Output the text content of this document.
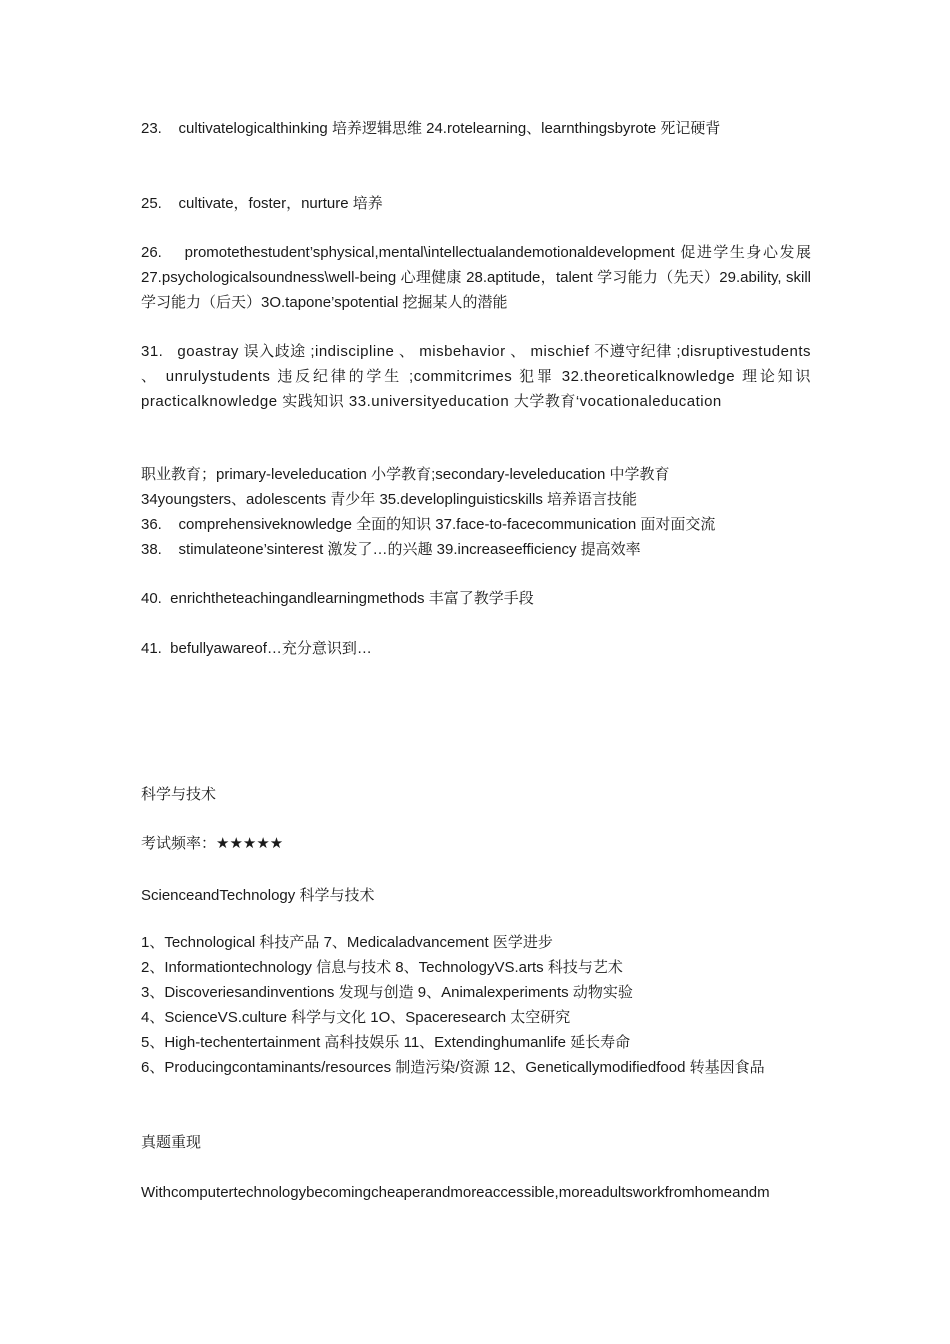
23.    cultivatelogicalthinking 培养逻辑思维 24.rotelearning、learnthingsbyrote 死记硬背

25.    cultivate，foster，nurture 培养

26.    promotethestudent’sphysical,mental\intellectualandemotionaldevelopment 促进学生身心发展 27.psychologicalsoundness\well-being 心理健康 28.aptitude，talent 学习能力（先天）29.ability, skill 学习能力（后天）3O.tapone’spotential 挖掘某人的潜能

31.   goastray 误入歧途 ;indiscipline 、 misbehavior 、 mischief 不遵守纪律 ;disruptivestudents 、 unrulystudents 违反纪律的学生 ;commitcrimes 犯罪 32.theoreticalknowledge 理论知识 practicalknowledge 实践知识 33.universityeducation 大学教育‘vocationaleducation

职业教育；primary-leveleducation 小学教育;secondary-leveleducation 中学教育

34youngsters、adolescents 青少年 35.developlinguisticskills 培养语言技能

36.    comprehensiveknowledge 全面的知识 37.face-to-facecommunication 面对面交流

38.    stimulateone’sinterest 激发了…的兴趣 39.increaseefficiency 提高效率

40.  enrichtheteachingandlearningmethods 丰富了教学手段

41.  befullyawareof…充分意识到…

科学与技术

考试频率：★★★★★

ScienceandTechnology 科学与技术

1、Technological 科技产品 7、Medicaladvancement 医学进步

2、Informationtechnology 信息与技术 8、TechnologyVS.arts 科技与艺术

3、Discoveriesandinventions 发现与创造 9、Animalexperiments 动物实验

4、ScienceVS.culture 科学与文化 1O、Spaceresearch 太空研究

5、High-techentertainment 高科技娱乐 11、Extendinghumanlife 延长寿命

6、Producingcontaminants/resources 制造污染/资源 12、Geneticallymodifiedfood 转基因食品

真题重现

Withcomputertechnologybecomingcheaperandmoreaccessible,moreadultsworkfromhomeandm
